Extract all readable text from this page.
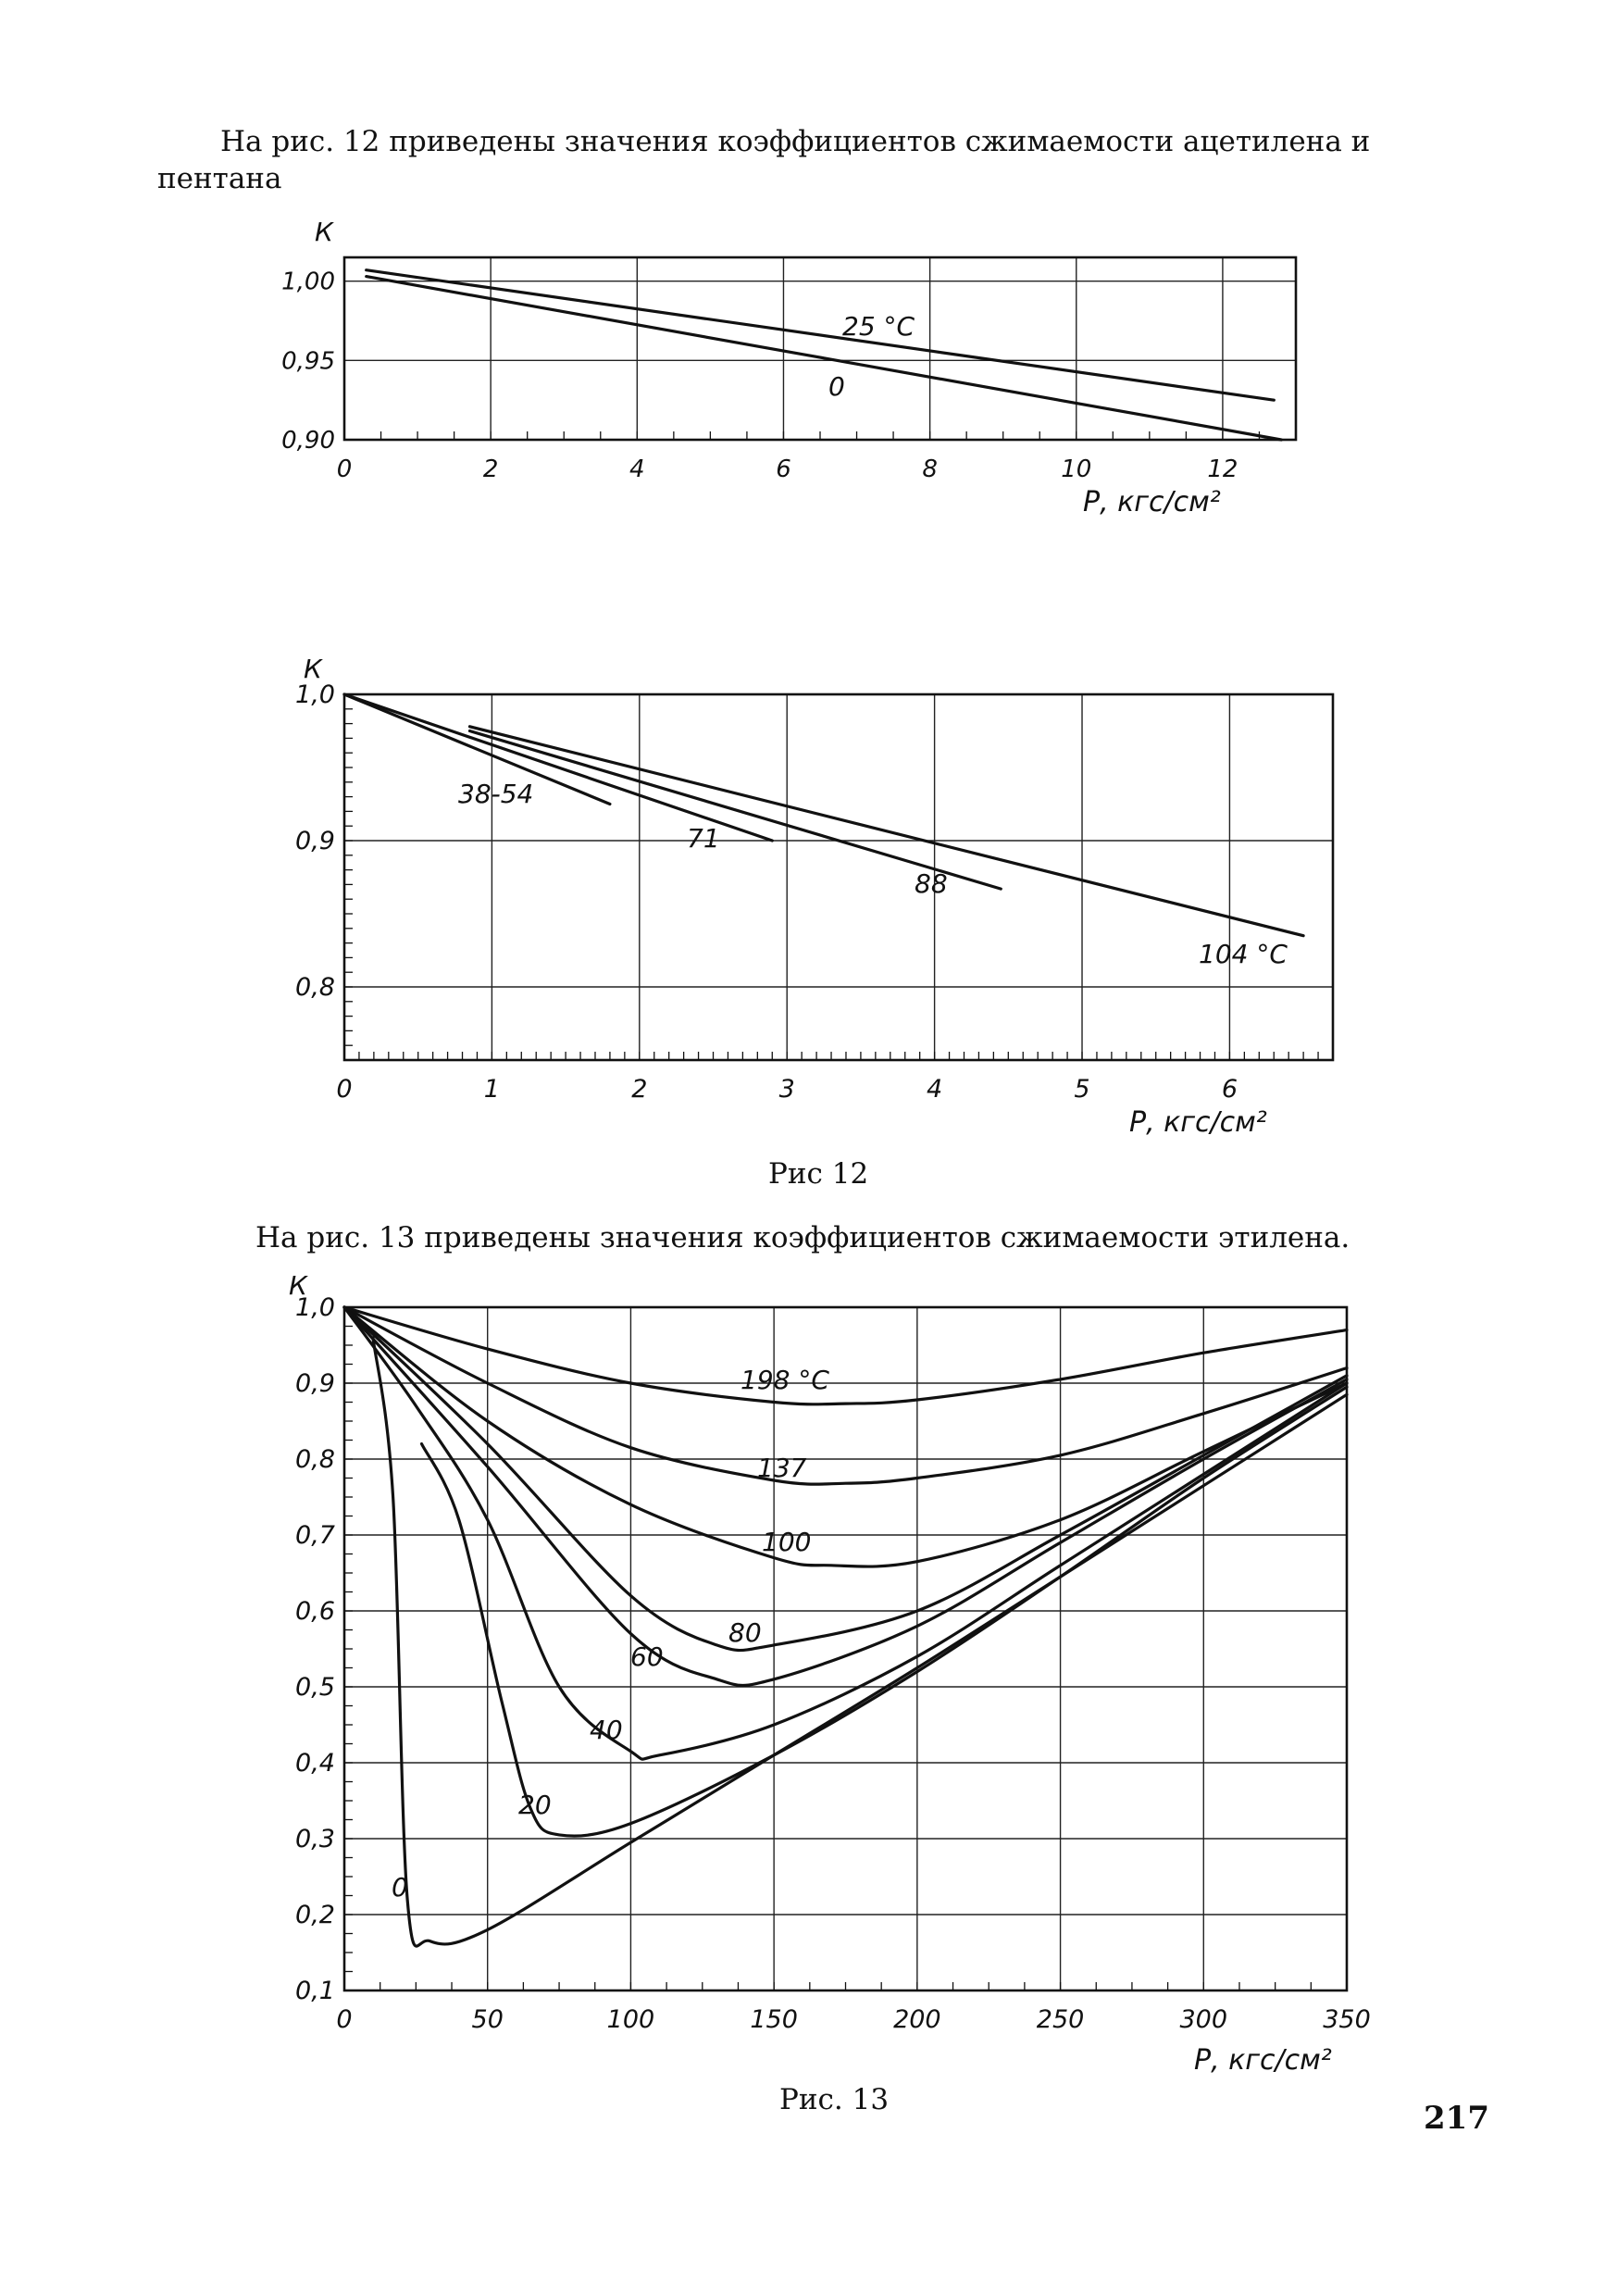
На рис. 12 приведены значения коэффициентов сжимаемости ацетилена и

пентана

0	2	4	6	8	10	12
1,00
0,95
0,90
К
Р, кгс/см²
25 °С
0
0	1	2	3	4	5	6
1,0
0,9
0,8
К
Р, кгс/см²
38-54
71
88
104 °С

Рис 12

На рис. 13 приведены значения коэффициентов сжимаемости этилена.

0	50	100	150	200	250	300	350
1,0
0,9
0,8
0,7
0,6
0,5
0,4
0,3
0,2
0,1
К
Р, кгс/см²
198 °С
137
100
80
60
40
20
0

Рис. 13	217
